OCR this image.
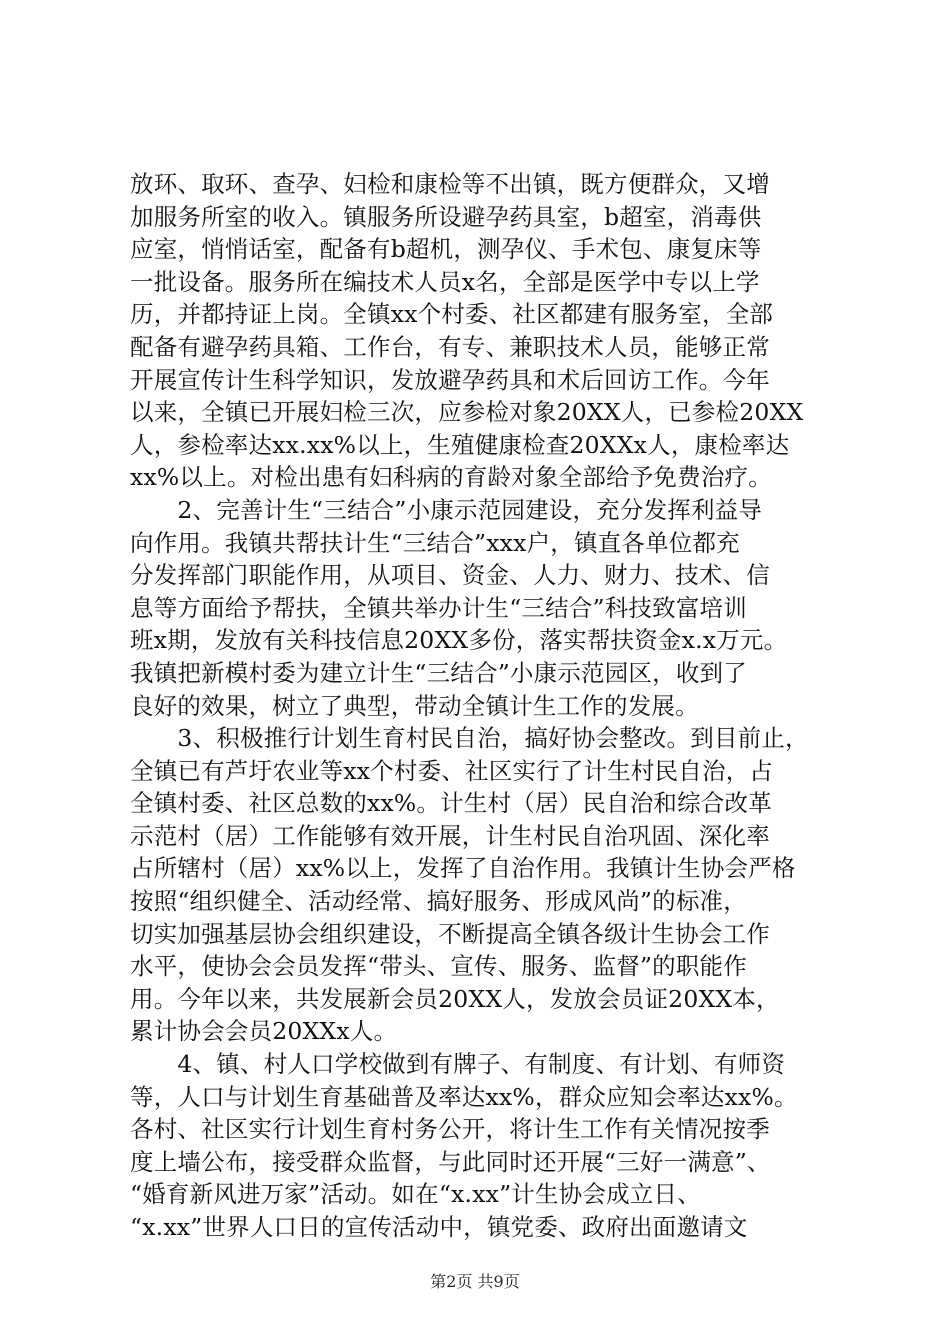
放环、取环、查孕、妇检和康检等不出镇，既方便群众，又增
加服务所室的收入。镇服务所设避孕药具室，b超室，消毒供
应室，悄悄话室，配备有b超机，测孕仪、手术包、康复床等
一批设备。服务所在编技术人员x名，全部是医学中专以上学
历，并都持证上岗。全镇xx个村委、社区都建有服务室，全部
配备有避孕药具箱、工作台，有专、兼职技术人员，能够正常
开展宣传计生科学知识，发放避孕药具和术后回访工作。今年
以来，全镇已开展妇检三次，应参检对象20XX人，已参检20XX
人，参检率达xx.xx%以上，生殖健康检查20XXx人，康检率达
xx%以上。对检出患有妇科病的育龄对象全部给予免费治疗。
　　2、完善计生“三结合”小康示范园建设，充分发挥利益导
向作用。我镇共帮扶计生“三结合”xxx户，镇直各单位都充
分发挥部门职能作用，从项目、资金、人力、财力、技术、信
息等方面给予帮扶，全镇共举办计生“三结合”科技致富培训
班x期，发放有关科技信息20XX多份，落实帮扶资金x.x万元。
我镇把新模村委为建立计生“三结合”小康示范园区，收到了
良好的效果，树立了典型，带动全镇计生工作的发展。
　　3、积极推行计划生育村民自治，搞好协会整改。到目前止，
全镇已有芦圩农业等xx个村委、社区实行了计生村民自治，占
全镇村委、社区总数的xx%。计生村（居）民自治和综合改革
示范村（居）工作能够有效开展，计生村民自治巩固、深化率
占所辖村（居）xx%以上，发挥了自治作用。我镇计生协会严格
按照“组织健全、活动经常、搞好服务、形成风尚”的标准，
切实加强基层协会组织建设，不断提高全镇各级计生协会工作
水平，使协会会员发挥“带头、宣传、服务、监督”的职能作
用。今年以来，共发展新会员20XX人，发放会员证20XX本，
累计协会会员20XXx人。
　　4、镇、村人口学校做到有牌子、有制度、有计划、有师资
等，人口与计划生育基础普及率达xx%，群众应知会率达xx%。
各村、社区实行计划生育村务公开，将计生工作有关情况按季
度上墙公布，接受群众监督，与此同时还开展“三好一满意”、
“婚育新风进万家”活动。如在“x.xx”计生协会成立日、
“x.xx”世界人口日的宣传活动中，镇党委、政府出面邀请文
第2页 共9页
